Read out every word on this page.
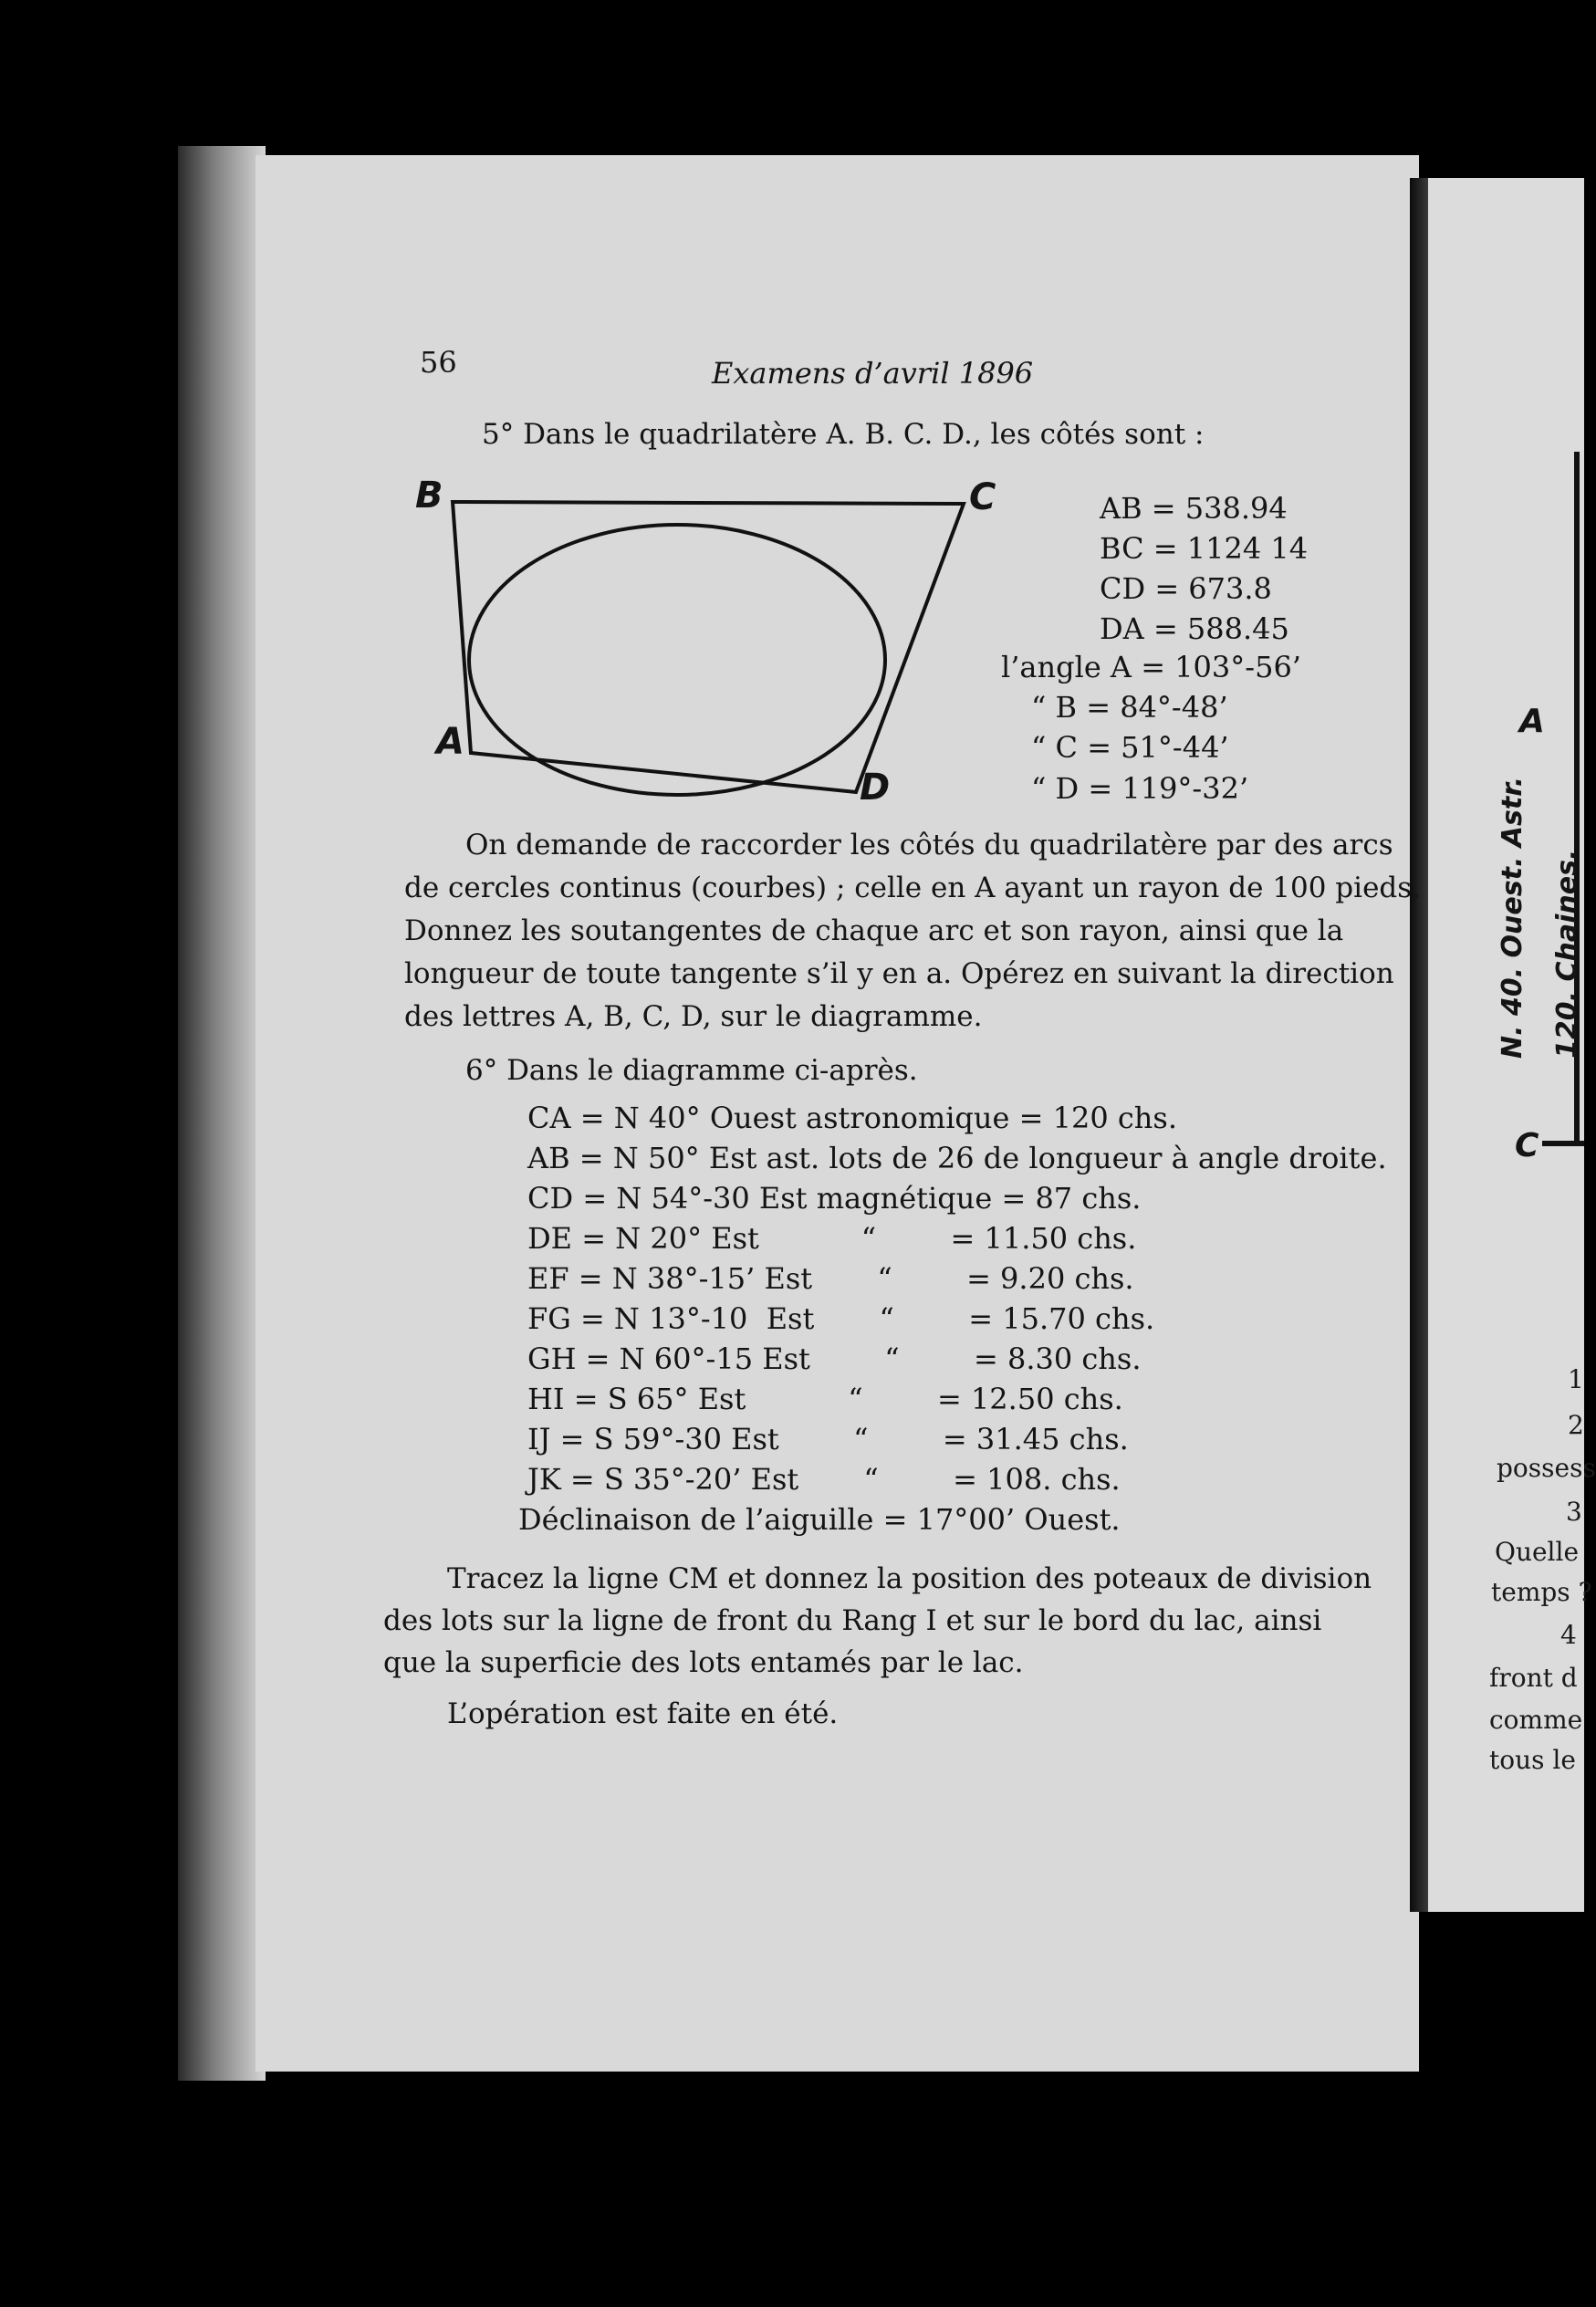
56	Examens d’avril 1896
5° Dans le quadrilatère A. B. C. D., les côtés sont :
B	C
A
D
AB = 538.94
BC = 1124 14
CD = 673.8
DA = 588.45
l’angle A = 103°-56’
“ B = 84°-48’
“ C = 51°-44’
“ D = 119°-32’
On demande de raccorder les côtés du quadrilatère par des arcs
de cercles continus (courbes) ; celle en A ayant un rayon de 100 pieds.
Donnez les soutangentes de chaque arc et son rayon, ainsi que la
longueur de toute tangente s’il y en a. Opérez en suivant la direction
des lettres A, B, C, D, sur le diagramme.
6° Dans le diagramme ci-après.
CA = N 40° Ouest astronomique = 120 chs.
AB = N 50° Est ast. lots de 26 de longueur à angle droite.
CD = N 54°-30 Est magnétique = 87 chs.
DE = N 20° Est           “        = 11.50 chs.
EF = N 38°-15’ Est       “        = 9.20 chs.
FG = N 13°-10  Est       “        = 15.70 chs.
GH = N 60°-15 Est        “        = 8.30 chs.
HI = S 65° Est           “        = 12.50 chs.
IJ = S 59°-30 Est        “        = 31.45 chs.
JK = S 35°-20’ Est       “        = 108. chs.
Déclinaison de l’aiguille = 17°00’ Ouest.
Tracez la ligne CM et donnez la position des poteaux de division
des lots sur la ligne de front du Rang I et sur le bord du lac, ainsi
que la superficie des lots entamés par le lac.
L’opération est faite en été.
N. 40. Ouest. Astr. 120. Chaines.
A
C
1
2
possess
3
Quelle
temps ?
4
front d
comme
tous le
